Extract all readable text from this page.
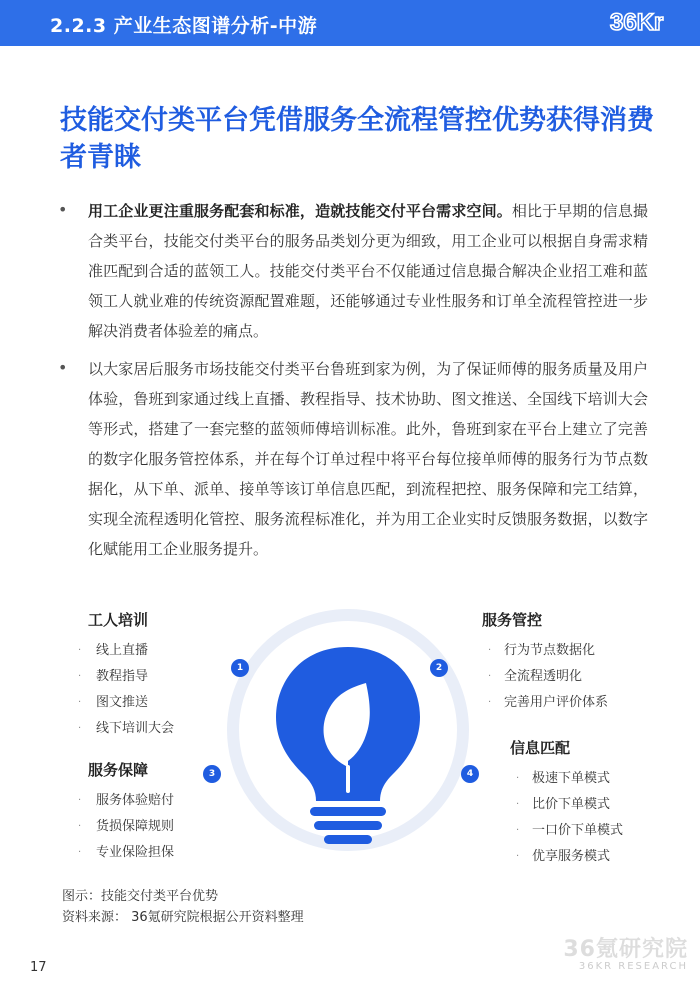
2.2.3 产业生态图谱分析-中游	36Kr
技能交付类平台凭借服务全流程管控优势获得消费者青睐
• 用工企业更注重服务配套和标准，造就技能交付平台需求空间。相比于早期的信息撮合类平台，技能交付类平台的服务品类划分更为细致，用工企业可以根据自身需求精准匹配到合适的蓝领工人。技能交付类平台不仅能通过信息撮合解决企业招工难和蓝领工人就业难的传统资源配置难题，还能够通过专业性服务和订单全流程管控进一步解决消费者体验差的痛点。
• 以大家居后服务市场技能交付类平台鲁班到家为例，为了保证师傅的服务质量及用户体验，鲁班到家通过线上直播、教程指导、技术协助、图文推送、全国线下培训大会等形式，搭建了一套完整的蓝领师傅培训标准。此外，鲁班到家在平台上建立了完善的数字化服务管控体系，并在每个订单过程中将平台每位接单师傅的服务行为节点数据化，从下单、派单、接单等该订单信息匹配，到流程把控、服务保障和完工结算，实现全流程透明化管控、服务流程标准化，并为用工企业实时反馈服务数据，以数字化赋能用工企业服务提升。
1	2
3	4
工人培训
· 线上直播
· 教程指导
· 图文推送
· 线下培训大会
服务管控
· 行为节点数据化
· 全流程透明化
· 完善用户评价体系
服务保障
· 服务体验赔付
· 货损保障规则
· 专业保险担保
信息匹配
· 极速下单模式
· 比价下单模式
· 一口价下单模式
· 优享服务模式
图示：技能交付类平台优势
资料来源： 36氪研究院根据公开资料整理
36氪研究院
36KR RESEARCH
17
